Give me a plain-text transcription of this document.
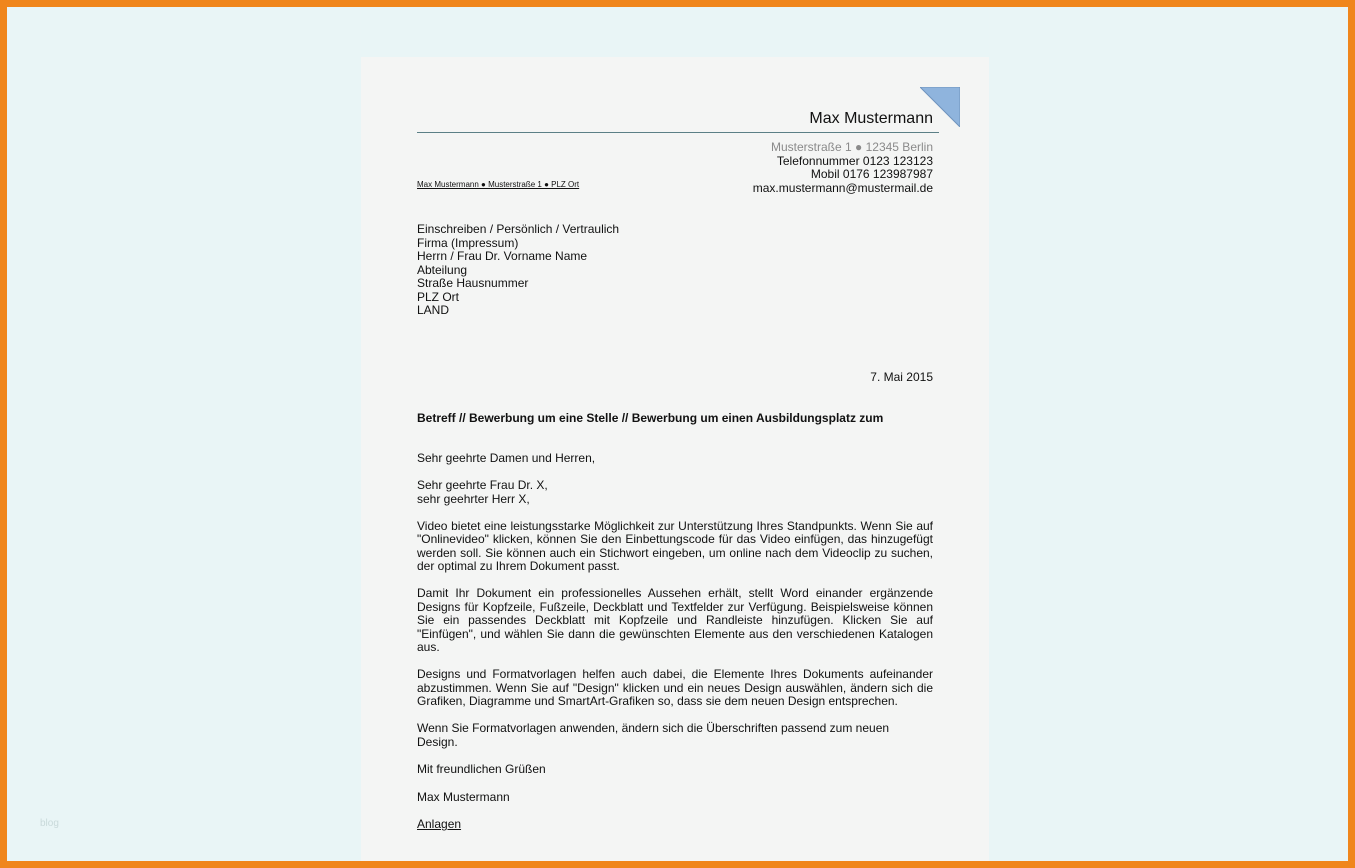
blog
Max Mustermann
Musterstraße 1 ● 12345 Berlin
Telefonnummer 0123 123123
Mobil 0176 123987987
max.mustermann@mustermail.de
Max Mustermann ● Musterstraße 1 ● PLZ Ort
Einschreiben / Persönlich / Vertraulich
Firma (Impressum)
Herrn / Frau Dr. Vorname Name
Abteilung
Straße Hausnummer
PLZ Ort
LAND
7. Mai 2015
Betreff // Bewerbung um eine Stelle // Bewerbung um einen Ausbildungsplatz zum

Sehr geehrte Damen und Herren,

Sehr geehrte Frau Dr. X,
sehr geehrter Herr X,

Video bietet eine leistungsstarke Möglichkeit zur Unterstützung Ihres Standpunkts. Wenn Sie auf "Onlinevideo" klicken, können Sie den Einbettungscode für das Video einfügen, das hinzugefügt werden soll. Sie können auch ein Stichwort eingeben, um online nach dem Videoclip zu suchen, der optimal zu Ihrem Dokument passt.

Damit Ihr Dokument ein professionelles Aussehen erhält, stellt Word einander ergänzende Designs für Kopfzeile, Fußzeile, Deckblatt und Textfelder zur Verfügung. Beispielsweise können Sie ein passendes Deckblatt mit Kopfzeile und Randleiste hinzufügen. Klicken Sie auf "Einfügen", und wählen Sie dann die gewünschten Elemente aus den verschiedenen Katalogen aus.

Designs und Formatvorlagen helfen auch dabei, die Elemente Ihres Dokuments aufeinander abzustimmen. Wenn Sie auf "Design" klicken und ein neues Design auswählen, ändern sich die Grafiken, Diagramme und SmartArt-Grafiken so, dass sie dem neuen Design entsprechen.

Wenn Sie Formatvorlagen anwenden, ändern sich die Überschriften passend zum neuen Design.

Mit freundlichen Grüßen

Max Mustermann
Anlagen
